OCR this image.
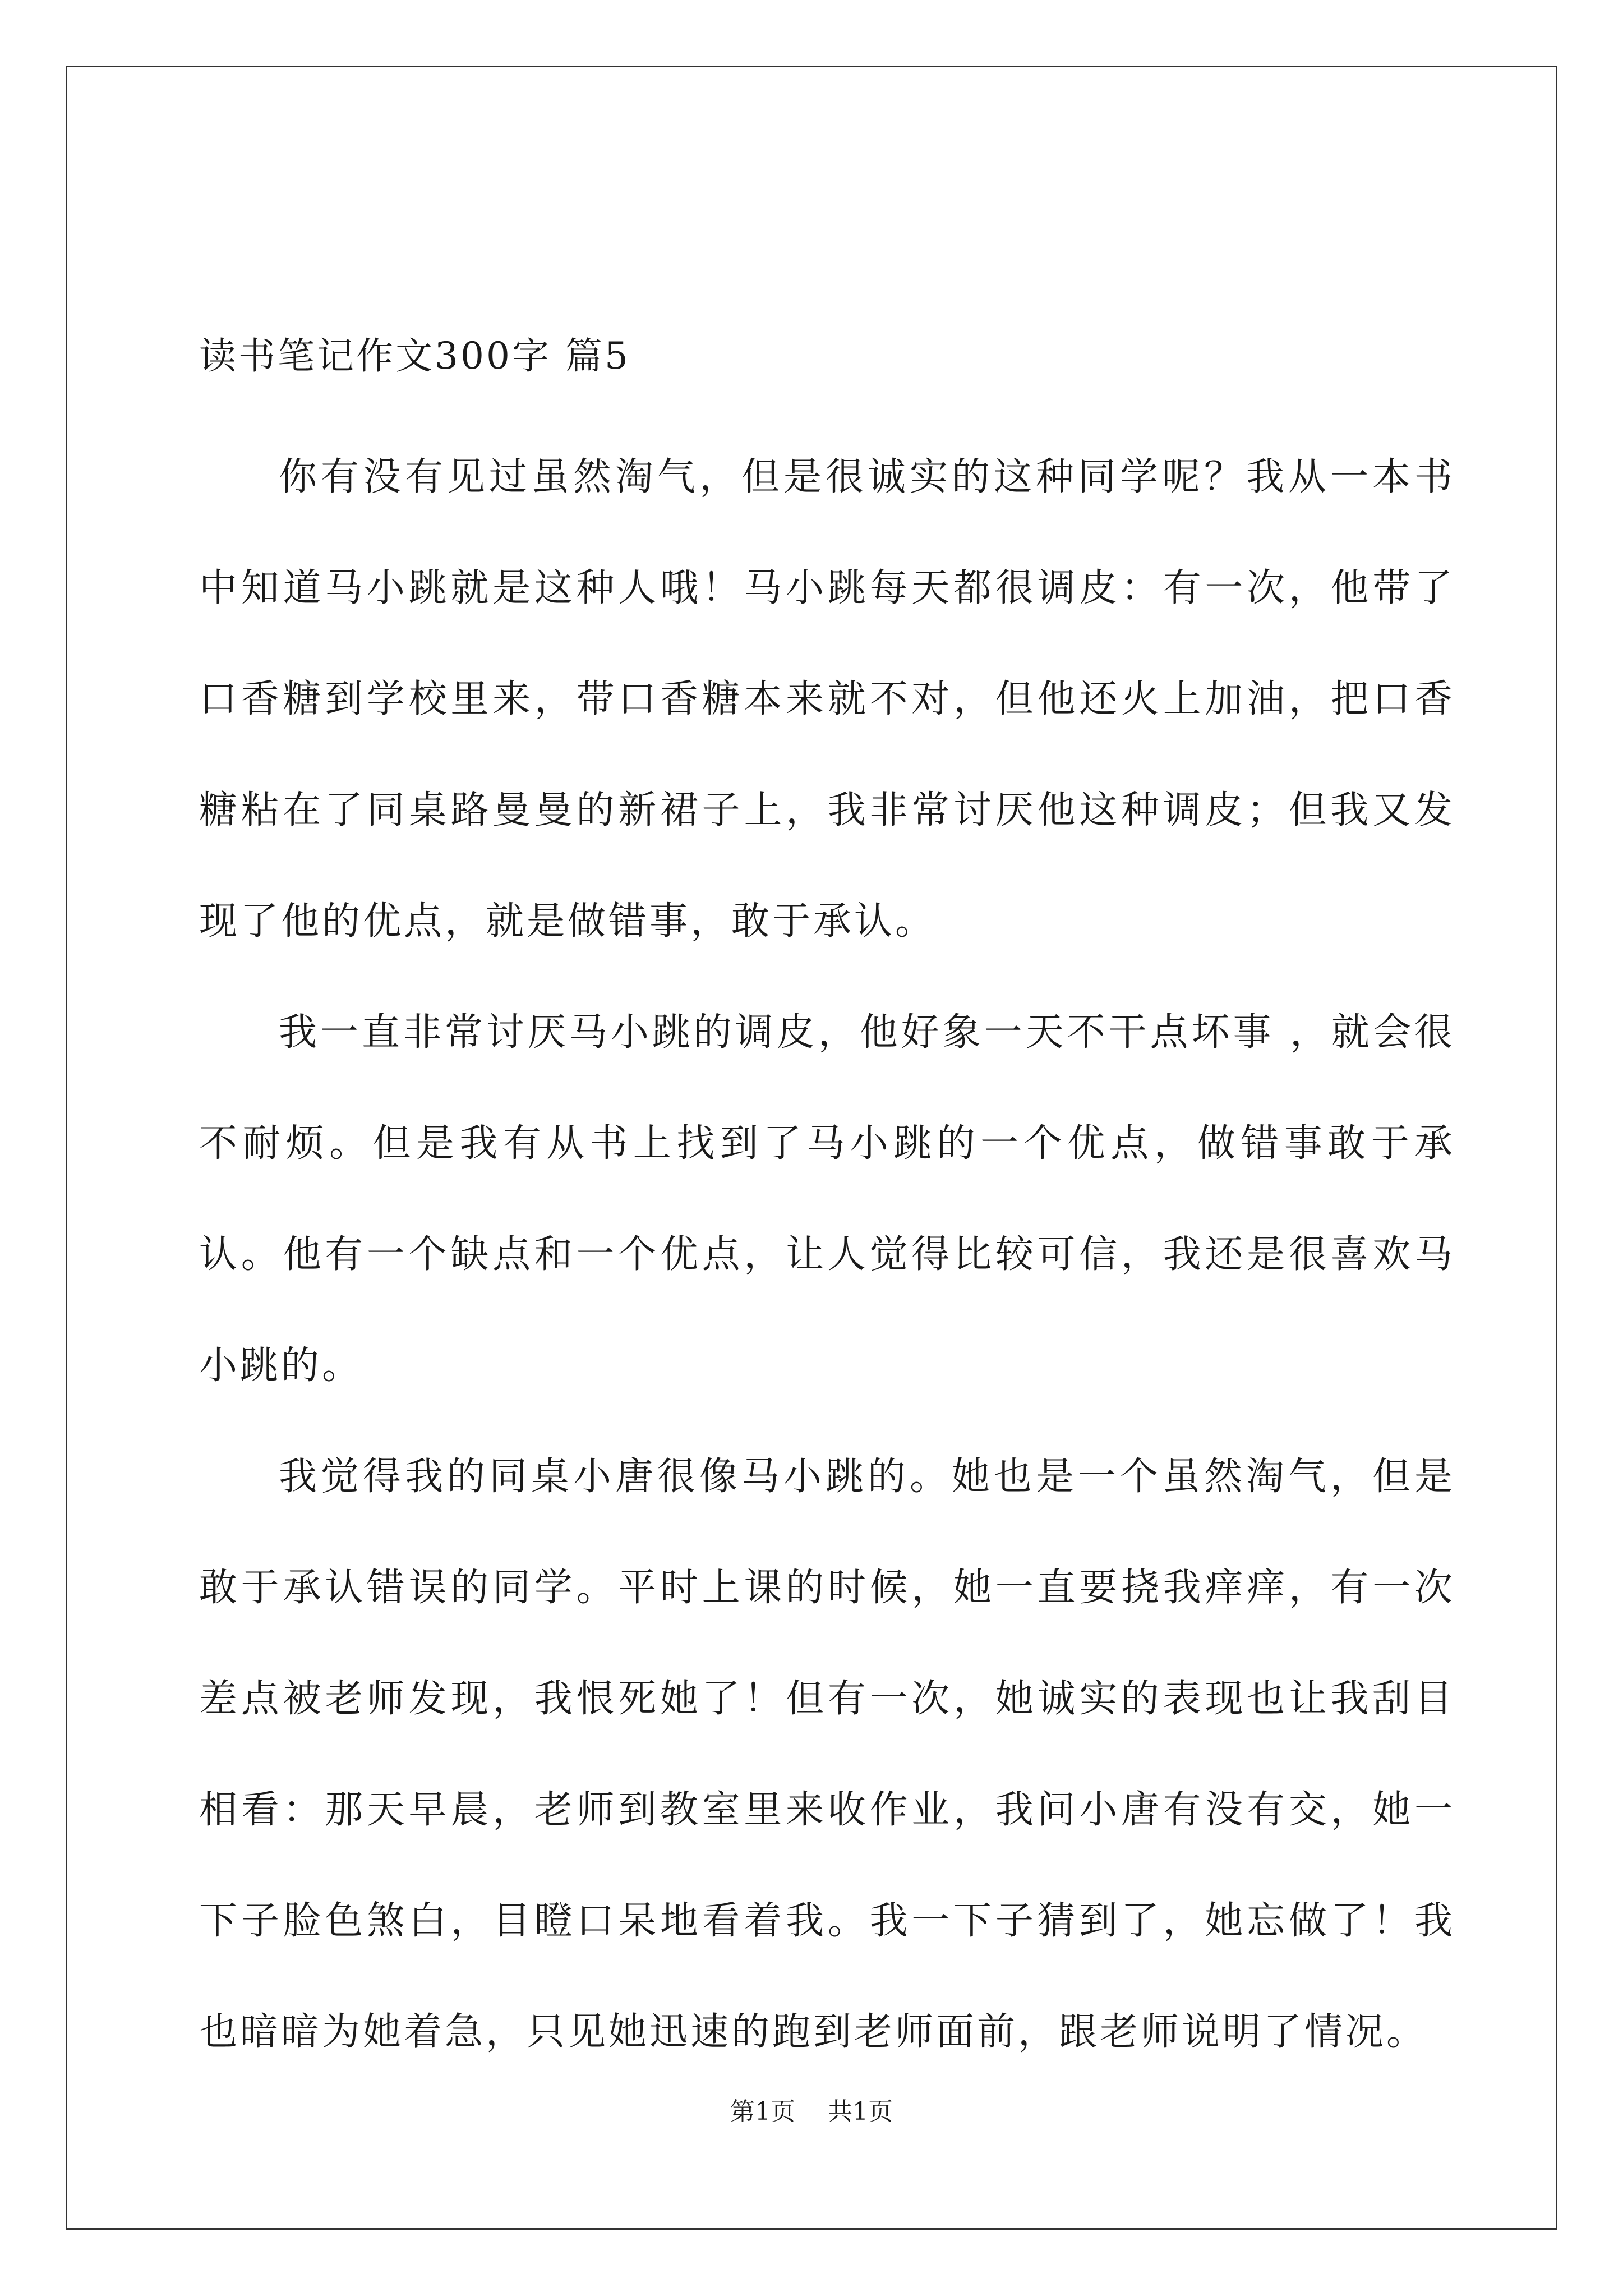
读书笔记作文300字 篇5

你有没有见过虽然淘气，但是很诚实的这种同学呢？我从一本书中知道马小跳就是这种人哦！马小跳每天都很调皮：有一次，他带了口香糖到学校里来，带口香糖本来就不对，但他还火上加油，把口香糖粘在了同桌路曼曼的新裙子上，我非常讨厌他这种调皮；但我又发现了他的优点，就是做错事，敢于承认。

我一直非常讨厌马小跳的调皮，他好象一天不干点坏事 ，就会很不耐烦。但是我有从书上找到了马小跳的一个优点，做错事敢于承认。他有一个缺点和一个优点，让人觉得比较可信，我还是很喜欢马小跳的。

我觉得我的同桌小唐很像马小跳的。她也是一个虽然淘气，但是敢于承认错误的同学。平时上课的时候，她一直要挠我痒痒，有一次差点被老师发现，我恨死她了！但有一次，她诚实的表现也让我刮目相看：那天早晨，老师到教室里来收作业，我问小唐有没有交，她一下子脸色煞白，目瞪口呆地看着我。我一下子猜到了，她忘做了！我也暗暗为她着急，只见她迅速的跑到老师面前，跟老师说明了情况。

第1页 共1页
